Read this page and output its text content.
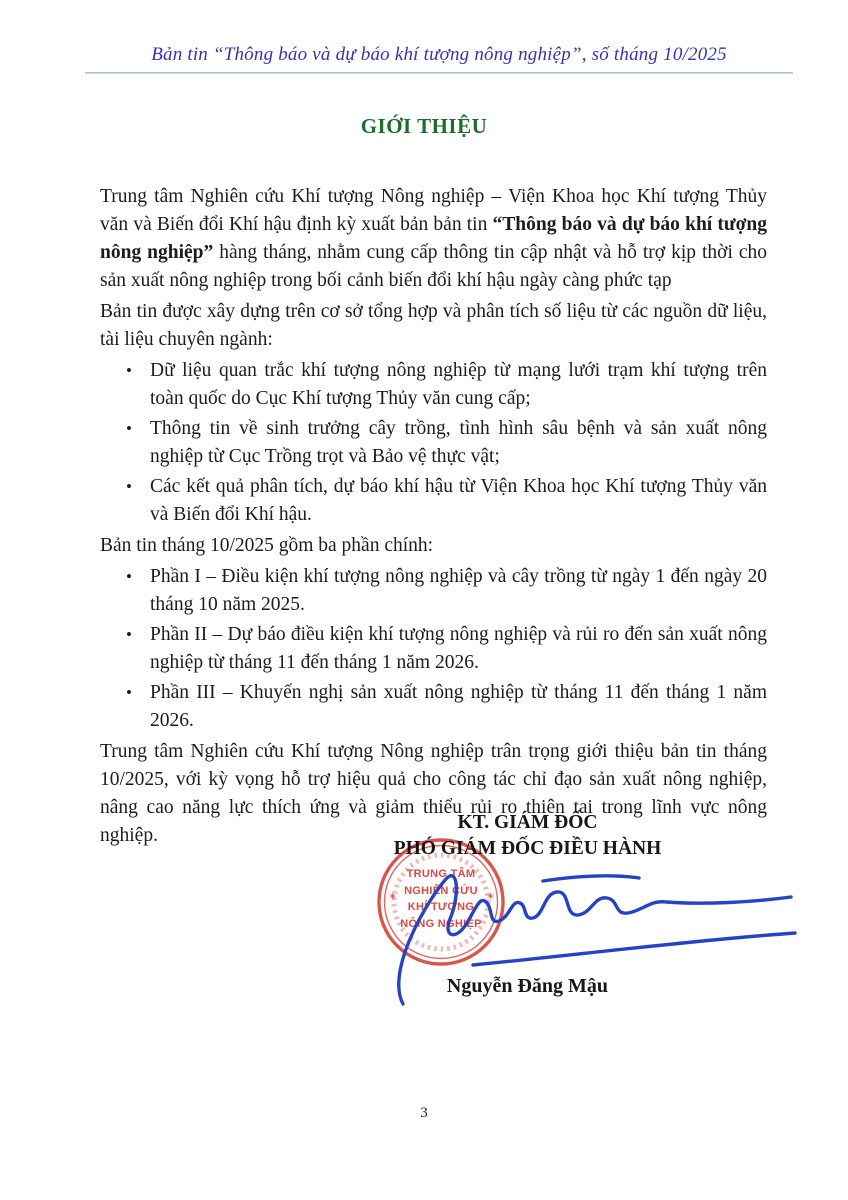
Bản tin “Thông báo và dự báo khí tượng nông nghiệp”, số tháng 10/2025
GIỚI THIỆU

Trung tâm Nghiên cứu Khí tượng Nông nghiệp – Viện Khoa học Khí tượng Thủy văn và Biến đổi Khí hậu định kỳ xuất bản bản tin “Thông báo và dự báo khí tượng nông nghiệp” hàng tháng, nhằm cung cấp thông tin cập nhật và hỗ trợ kịp thời cho sản xuất nông nghiệp trong bối cảnh biến đổi khí hậu ngày càng phức tạp

Bản tin được xây dựng trên cơ sở tổng hợp và phân tích số liệu từ các nguồn dữ liệu, tài liệu chuyên ngành:

• Dữ liệu quan trắc khí tượng nông nghiệp từ mạng lưới trạm khí tượng trên toàn quốc do Cục Khí tượng Thủy văn cung cấp;
• Thông tin về sinh trưởng cây trồng, tình hình sâu bệnh và sản xuất nông nghiệp từ Cục Trồng trọt và Bảo vệ thực vật;
• Các kết quả phân tích, dự báo khí hậu từ Viện Khoa học Khí tượng Thủy văn và Biến đổi Khí hậu.

Bản tin tháng 10/2025 gồm ba phần chính:

• Phần I – Điều kiện khí tượng nông nghiệp và cây trồng từ ngày 1 đến ngày 20 tháng 10 năm 2025.
• Phần II – Dự báo điều kiện khí tượng nông nghiệp và rủi ro đến sản xuất nông nghiệp từ tháng 11 đến tháng 1 năm 2026.
• Phần III – Khuyến nghị sản xuất nông nghiệp từ tháng 11 đến tháng 1 năm 2026.

Trung tâm Nghiên cứu Khí tượng Nông nghiệp trân trọng giới thiệu bản tin tháng 10/2025, với kỳ vọng hỗ trợ hiệu quả cho công tác chỉ đạo sản xuất nông nghiệp, nâng cao năng lực thích ứng và giảm thiểu rủi ro thiên tai trong lĩnh vực nông nghiệp.

KT. GIÁM ĐỐC
PHÓ GIÁM ĐỐC ĐIỀU HÀNH
Nguyễn Đăng Mậu
✶	✶
TRUNG TÂM
NGHIÊN CỨU
KHÍ TƯỢNG
NÔNG NGHIỆP
3
